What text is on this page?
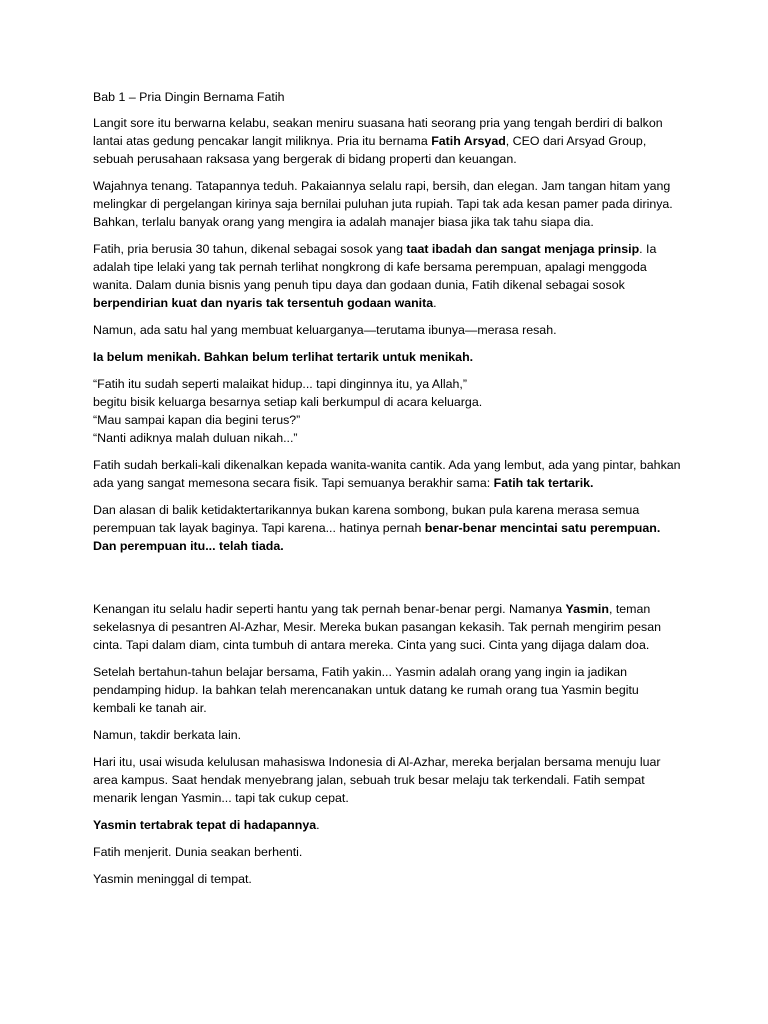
Bab 1 – Pria Dingin Bernama Fatih

Langit sore itu berwarna kelabu, seakan meniru suasana hati seorang pria yang tengah berdiri di balkon lantai atas gedung pencakar langit miliknya. Pria itu bernama Fatih Arsyad, CEO dari Arsyad Group, sebuah perusahaan raksasa yang bergerak di bidang properti dan keuangan.

Wajahnya tenang. Tatapannya teduh. Pakaiannya selalu rapi, bersih, dan elegan. Jam tangan hitam yang melingkar di pergelangan kirinya saja bernilai puluhan juta rupiah. Tapi tak ada kesan pamer pada dirinya. Bahkan, terlalu banyak orang yang mengira ia adalah manajer biasa jika tak tahu siapa dia.

Fatih, pria berusia 30 tahun, dikenal sebagai sosok yang taat ibadah dan sangat menjaga prinsip. Ia adalah tipe lelaki yang tak pernah terlihat nongkrong di kafe bersama perempuan, apalagi menggoda wanita. Dalam dunia bisnis yang penuh tipu daya dan godaan dunia, Fatih dikenal sebagai sosok berpendirian kuat dan nyaris tak tersentuh godaan wanita.

Namun, ada satu hal yang membuat keluarganya—terutama ibunya—merasa resah.

Ia belum menikah. Bahkan belum terlihat tertarik untuk menikah.

“Fatih itu sudah seperti malaikat hidup... tapi dinginnya itu, ya Allah,”
begitu bisik keluarga besarnya setiap kali berkumpul di acara keluarga.
“Mau sampai kapan dia begini terus?”
“Nanti adiknya malah duluan nikah...”

Fatih sudah berkali-kali dikenalkan kepada wanita-wanita cantik. Ada yang lembut, ada yang pintar, bahkan ada yang sangat memesona secara fisik. Tapi semuanya berakhir sama: Fatih tak tertarik.

Dan alasan di balik ketidaktertarikannya bukan karena sombong, bukan pula karena merasa semua perempuan tak layak baginya. Tapi karena... hatinya pernah benar-benar mencintai satu perempuan. Dan perempuan itu... telah tiada.

Kenangan itu selalu hadir seperti hantu yang tak pernah benar-benar pergi. Namanya Yasmin, teman sekelasnya di pesantren Al-Azhar, Mesir. Mereka bukan pasangan kekasih. Tak pernah mengirim pesan cinta. Tapi dalam diam, cinta tumbuh di antara mereka. Cinta yang suci. Cinta yang dijaga dalam doa.

Setelah bertahun-tahun belajar bersama, Fatih yakin... Yasmin adalah orang yang ingin ia jadikan pendamping hidup. Ia bahkan telah merencanakan untuk datang ke rumah orang tua Yasmin begitu kembali ke tanah air.

Namun, takdir berkata lain.

Hari itu, usai wisuda kelulusan mahasiswa Indonesia di Al-Azhar, mereka berjalan bersama menuju luar area kampus. Saat hendak menyebrang jalan, sebuah truk besar melaju tak terkendali. Fatih sempat menarik lengan Yasmin... tapi tak cukup cepat.

Yasmin tertabrak tepat di hadapannya.

Fatih menjerit. Dunia seakan berhenti.

Yasmin meninggal di tempat.
